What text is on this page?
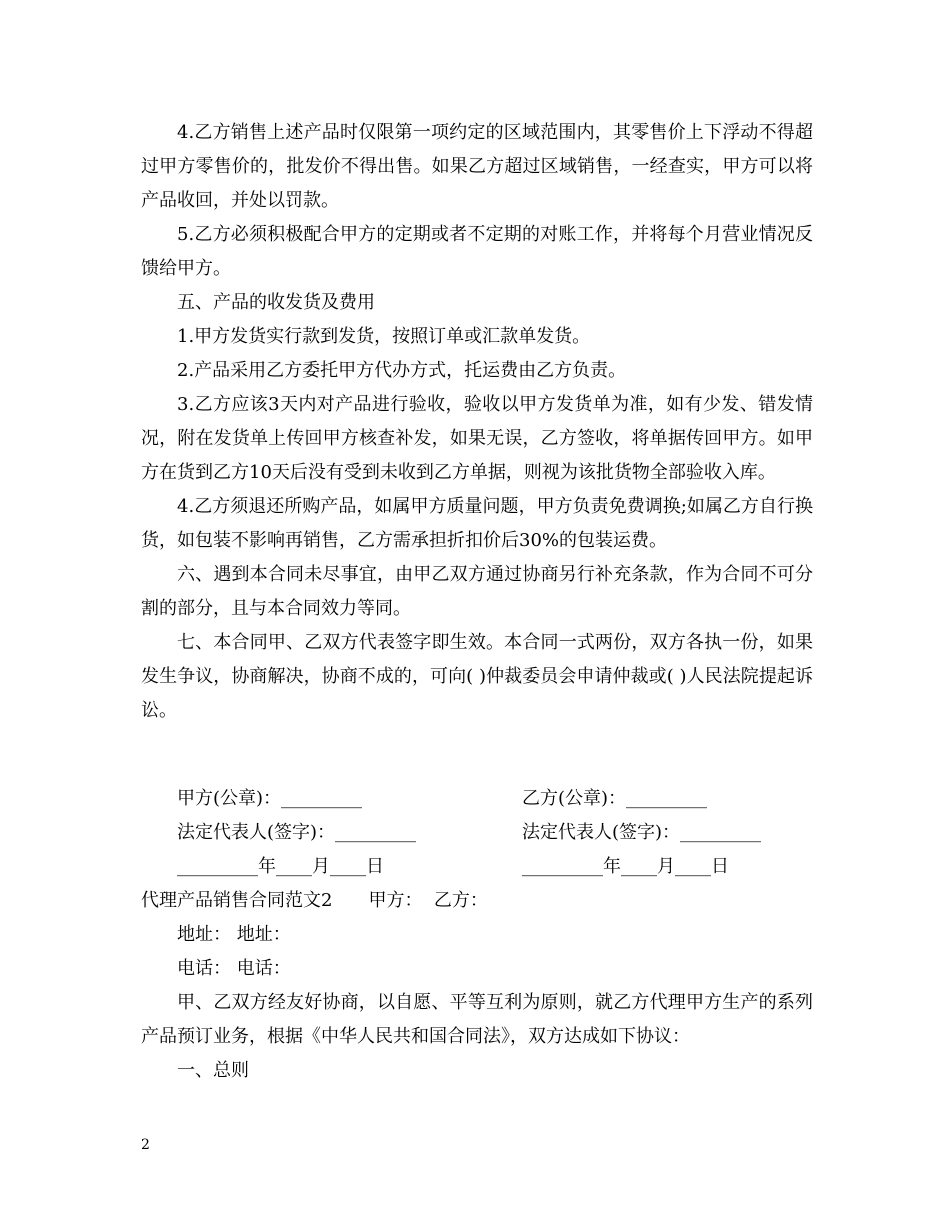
4.乙方销售上述产品时仅限第一项约定的区域范围内，其零售价上下浮动不得超过甲方零售价的，批发价不得出售。如果乙方超过区域销售，一经查实，甲方可以将产品收回，并处以罚款。

5.乙方必须积极配合甲方的定期或者不定期的对账工作，并将每个月营业情况反馈给甲方。

五、产品的收发货及费用

1.甲方发货实行款到发货，按照订单或汇款单发货。

2.产品采用乙方委托甲方代办方式，托运费由乙方负责。

3.乙方应该3天内对产品进行验收，验收以甲方发货单为准，如有少发、错发情况，附在发货单上传回甲方核查补发，如果无误，乙方签收，将单据传回甲方。如甲方在货到乙方10天后没有受到未收到乙方单据，则视为该批货物全部验收入库。

4.乙方须退还所购产品，如属甲方质量问题，甲方负责免费调换;如属乙方自行换货，如包装不影响再销售，乙方需承担折扣价后30%的包装运费。

六、遇到本合同未尽事宜，由甲乙双方通过协商另行补充条款，作为合同不可分割的部分，且与本合同效力等同。

七、本合同甲、乙双方代表签字即生效。本合同一式两份，双方各执一份，如果发生争议，协商解决，协商不成的，可向( )仲裁委员会申请仲裁或( )人民法院提起诉讼。

甲方(公章)：_________	乙方(公章)：_________
法定代表人(签字)：_________	法定代表人(签字)：_________
_________年____月____日	_________年____月____日

代理产品销售合同范文2 甲方： 乙方：

地址： 地址：

电话： 电话：

甲、乙双方经友好协商，以自愿、平等互利为原则，就乙方代理甲方生产的系列产品预订业务，根据《中华人民共和国合同法》，双方达成如下协议：

一、总则

2
